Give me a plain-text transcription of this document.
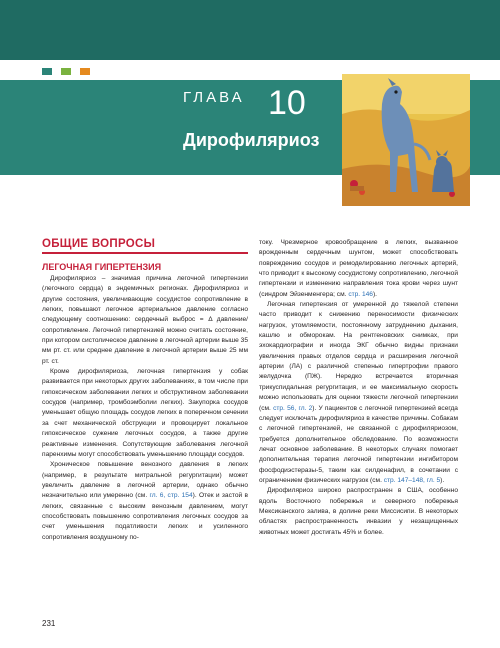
ГЛАВА 10
Дирофиляриоз
ОБЩИЕ ВОПРОСЫ
ЛЕГОЧНАЯ ГИПЕРТЕНЗИЯ

Дирофиляриоз – значимая причина легочной гипертензии (легочного сердца) в эндемичных регионах. Дирофиляриоз и другие состояния, увеличивающие сосудистое сопротивление в легких, повышают легочное артериальное давление согласно следующему соотношению: сердечный выброс = Δ давление/сопротивление. Легочной гипертензией можно считать состояние, при котором систолическое давление в легочной артерии выше 35 мм рт. ст. или среднее давление в легочной артерии выше 25 мм рт. ст.

Кроме дирофиляриоза, легочная гипертензия у собак развивается при некоторых других заболеваниях, в том числе при гипоксическом заболевании легких и обструктивном заболевании сосудов (например, тромбоэмболии легких). Закупорка сосудов уменьшает общую площадь сосудов легких в поперечном сечении за счет механической обструкции и провоцирует локальное гипоксическое сужение легочных сосудов, а также другие реактивные изменения. Сопутствующие заболевания легочной паренхимы могут способствовать уменьшению площади сосудов.

Хроническое повышение венозного давления в легких (например, в результате митральной регургитации) может увеличить давление в легочной артерии, однако обычно незначительно или умеренно (см. гл. 6, стр. 154). Отек и застой в легких, связанные с высоким венозным давлением, могут способствовать повышению сопротивления легочных сосудов за счет уменьшения податливости легких и усиленного сопротивления воздушному по-

току. Чрезмерное кровообращение в легких, вызванное врожденным сердечным шунтом, может способствовать повреждению сосудов и ремоделированию легочных артерий, что приводит к высокому сосудистому сопротивлению, легочной гипертензии и изменению направления тока крови через шунт (синдром Эйзенменгера; см. стр. 146).

Легочная гипертензия от умеренной до тяжелой степени часто приводит к снижению переносимости физических нагрузок, утомляемости, постоянному затруднению дыхания, кашлю и обморокам. На рентгеновских снимках, при эхокардиографии и иногда ЭКГ обычно видны признаки увеличения правых отделов сердца и расширения легочной артерии (ЛА) с различной степенью гипертрофии правого желудочка (ПЖ). Нередко встречается вторичная трикуспидальная регургитация, и ее максимальную скорость можно использовать для оценки тяжести легочной гипертензии (см. стр. 56, гл. 2). У пациентов с легочной гипертензией всегда следует исключать дирофиляриоз в качестве причины. Собакам с легочной гипертензией, не связанной с дирофиляриозом, требуется дополнительное обследование. По возможности лечат основное заболевание. В некоторых случаях помогает дополнительная терапия легочной гипертензии ингибитором фосфодиэстеразы-5, таким как силденафил, в сочетании с ограничением физических нагрузок (см. стр. 147–148, гл. 5).

Дирофиляриоз широко распространен в США, особенно вдоль Восточного побережья и северного побережья Мексиканского залива, в долине реки Миссисипи. В некоторых областях распространенность инвазии у незащищенных животных может достигать 45% и более.

231
